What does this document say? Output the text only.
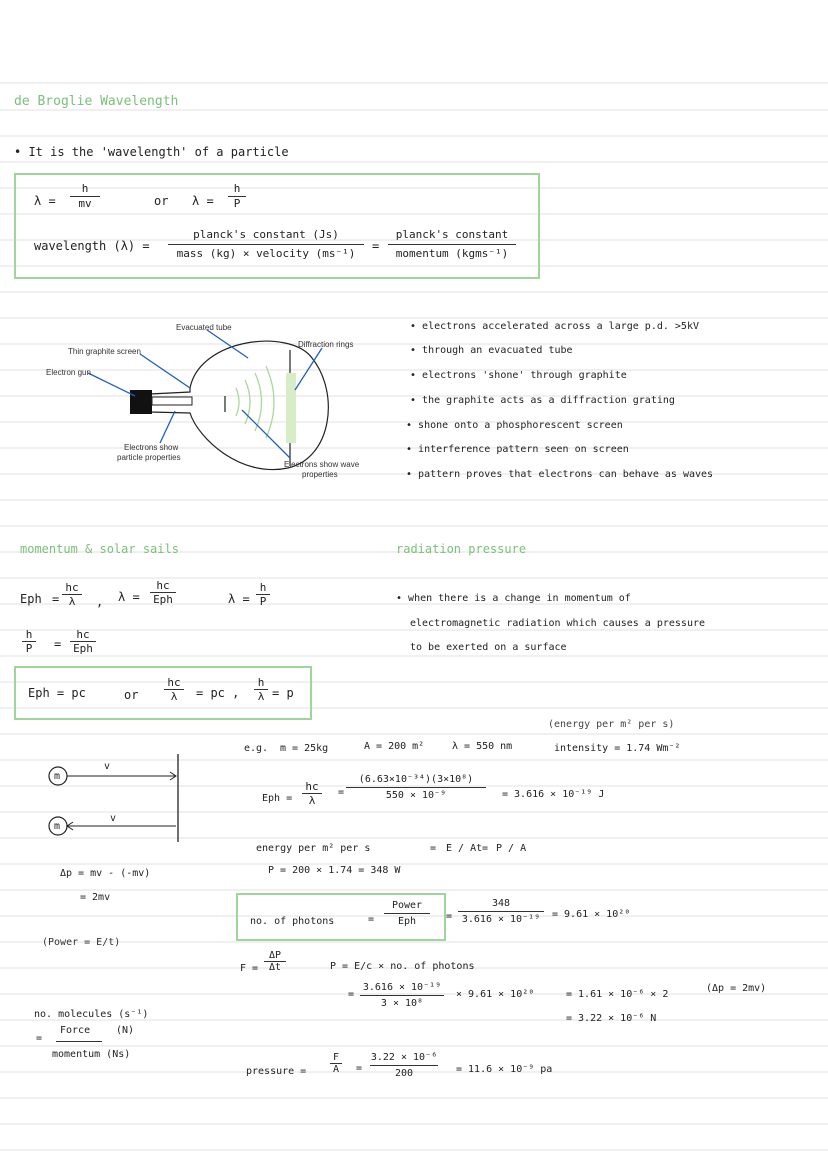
de Broglie Wavelength
• It is the 'wavelength' of a particle
$\lambda = \frac{h}{mv}$	or $\lambda = \frac{h}{P}$
wavelength (λ) =
planck's constant (Js)
mass (kg) × velocity (ms⁻¹)
=
planck's constant
momentum (kgms⁻¹)
Evacuated tube
Thin graphite screen
Electron gun
Diffraction rings
Electrons show
particle properties
Electrons show wave
properties
• electrons accelerated across a large p.d. >5kV
• through an evacuated tube
• electrons 'shone' through graphite
• the graphite acts as a diffraction grating
• shone onto a phosphorescent screen
• interference pattern seen on screen
• pattern proves that electrons can behave as waves
momentum & solar sails
Eph = $\frac{hc}{\lambda}$ , λ =
hc
Eph	$\lambda = \frac{h}{P}$
$\frac{h}{P}$ =
hc
Eph
Eph = pc	or $\frac{hc}{\lambda}$ = pc , $\frac{h}{\lambda} = p$
radiation pressure
• when there is a change in momentum of
electromagnetic radiation which causes a pressure
to be exerted on a surface
m
m
v
v
Δp = mv - (-mv)
= 2mv
(Power = E/t)
no. molecules (s⁻¹)
=
Force	(N)
momentum (Ns)
(energy per m² per s)
e.g. m = 25kg	A = 200 m²	λ = 550 nm	intensity = 1.74 Wm⁻²
Eph = $\frac{hc}{\lambda} = \frac{\text{(6.63×10⁻³⁴)(3×10⁸)}}{\text{550 × 10⁻⁹}} = 3.616 \times 10^{-19}$ J
energy per m² per s	= E / At = P / A
P = 200 × 1.74 = 348 W
no. of photons	=
Power
Eph	= $\frac{348}{\text{3.616 × 10⁻¹⁹}} = 9.61 \times 10^{20}$
$F = \frac{\Delta P}{\Delta t}$	P = E/c × no. of photons
= $\frac{\text{3.616 × 10⁻¹⁹}}{\text{3 × 10⁸}} \times 9.61 \times 10^{20}$	= 1.61 × 10⁻⁶ × 2
(Δp = 2mv)
= 3.22 × 10⁻⁶ N
pressure = $\frac{F}{A} = \frac{\text{3.22 × 10⁻⁶}}{200} = 11.6 \times 10^{-9}$ pa
